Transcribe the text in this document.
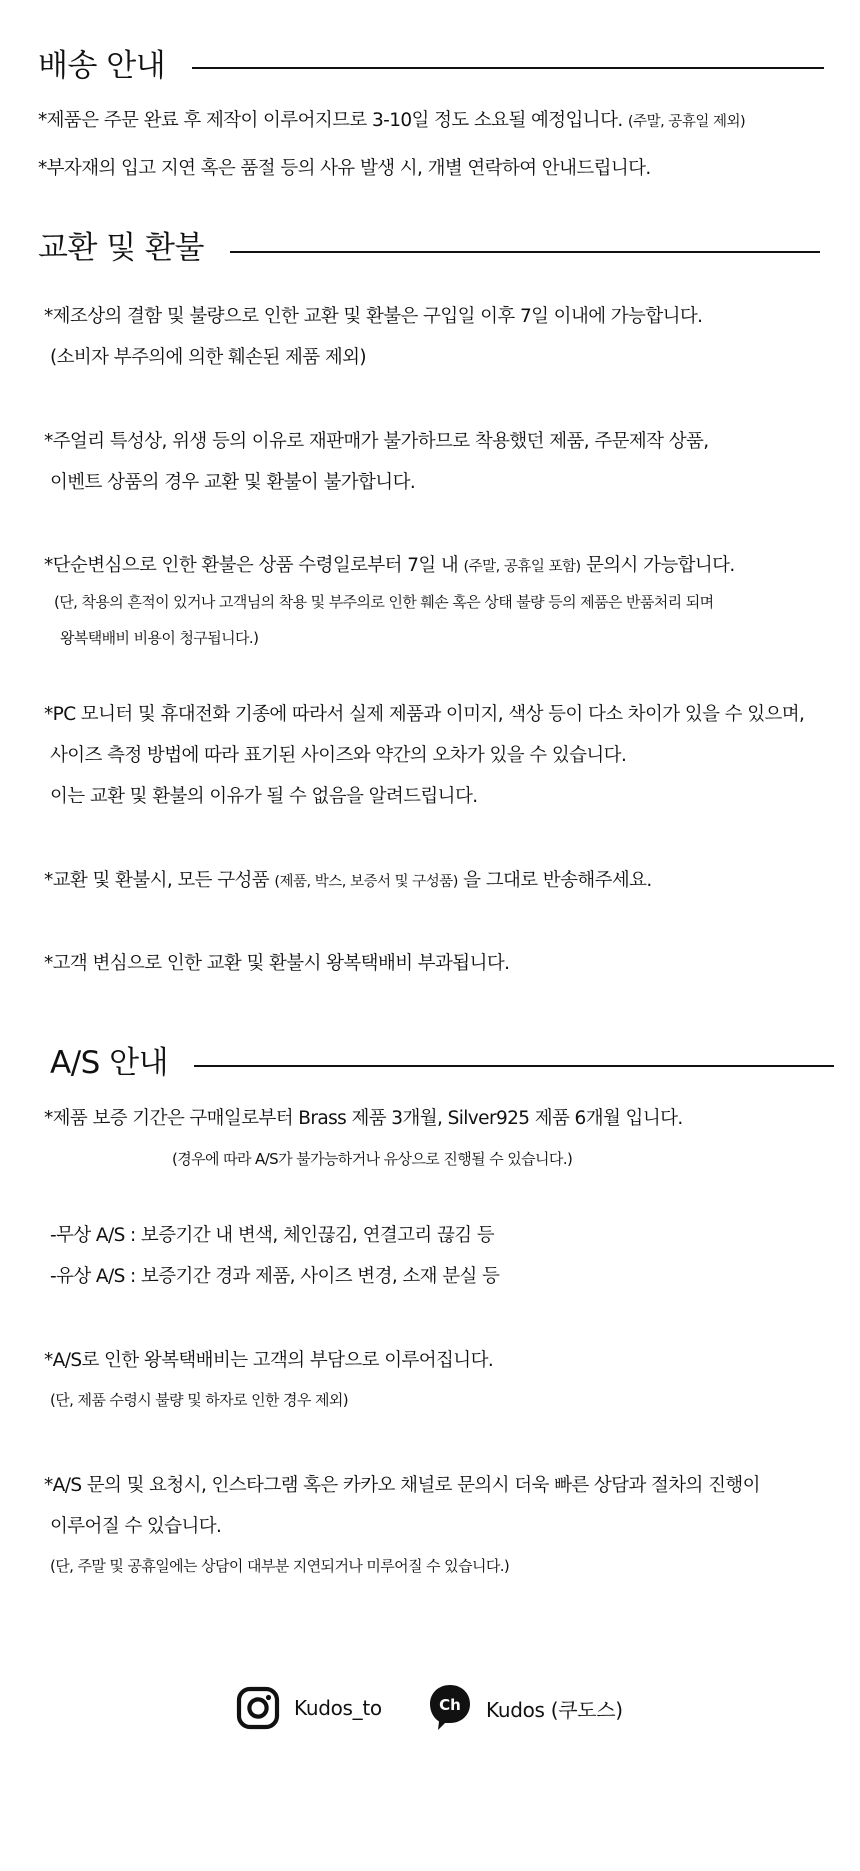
배송 안내
*제품은 주문 완료 후 제작이 이루어지므로 3-10일 정도 소요될 예정입니다. (주말, 공휴일 제외)
*부자재의 입고 지연 혹은 품절 등의 사유 발생 시, 개별 연락하여 안내드립니다.
교환 및 환불
*제조상의 결함 및 불량으로 인한 교환 및 환불은 구입일 이후 7일 이내에 가능합니다.
(소비자 부주의에 의한 훼손된 제품 제외)
*주얼리 특성상, 위생 등의 이유로 재판매가 불가하므로 착용했던 제품, 주문제작 상품,
이벤트 상품의 경우 교환 및 환불이 불가합니다.
*단순변심으로 인한 환불은 상품 수령일로부터 7일 내 (주말, 공휴일 포함) 문의시 가능합니다.
(단, 착용의 흔적이 있거나 고객님의 착용 및 부주의로 인한 훼손 혹은 상태 불량 등의 제품은 반품처리 되며
왕복택배비 비용이 청구됩니다.)
*PC 모니터 및 휴대전화 기종에 따라서 실제 제품과 이미지, 색상 등이 다소 차이가 있을 수 있으며,
사이즈 측정 방법에 따라 표기된 사이즈와 약간의 오차가 있을 수 있습니다.
이는 교환 및 환불의 이유가 될 수 없음을 알려드립니다.
*교환 및 환불시, 모든 구성품 (제품, 박스, 보증서 및 구성품) 을 그대로 반송해주세요.
*고객 변심으로 인한 교환 및 환불시 왕복택배비 부과됩니다.
A/S 안내
*제품 보증 기간은 구매일로부터 Brass 제품 3개월, Silver925 제품 6개월 입니다.
(경우에 따라 A/S가 불가능하거나 유상으로 진행될 수 있습니다.)
-무상 A/S : 보증기간 내 변색, 체인끊김, 연결고리 끊김 등
-유상 A/S : 보증기간 경과 제품, 사이즈 변경, 소재 분실 등
*A/S로 인한 왕복택배비는 고객의 부담으로 이루어집니다.
(단, 제품 수령시 불량 및 하자로 인한 경우 제외)
*A/S 문의 및 요청시, 인스타그램 혹은 카카오 채널로 문의시 더욱 빠른 상담과 절차의 진행이
이루어질 수 있습니다.
(단, 주말 및 공휴일에는 상담이 대부분 지연되거나 미루어질 수 있습니다.)
Kudos_to	Ch Kudos (쿠도스)
